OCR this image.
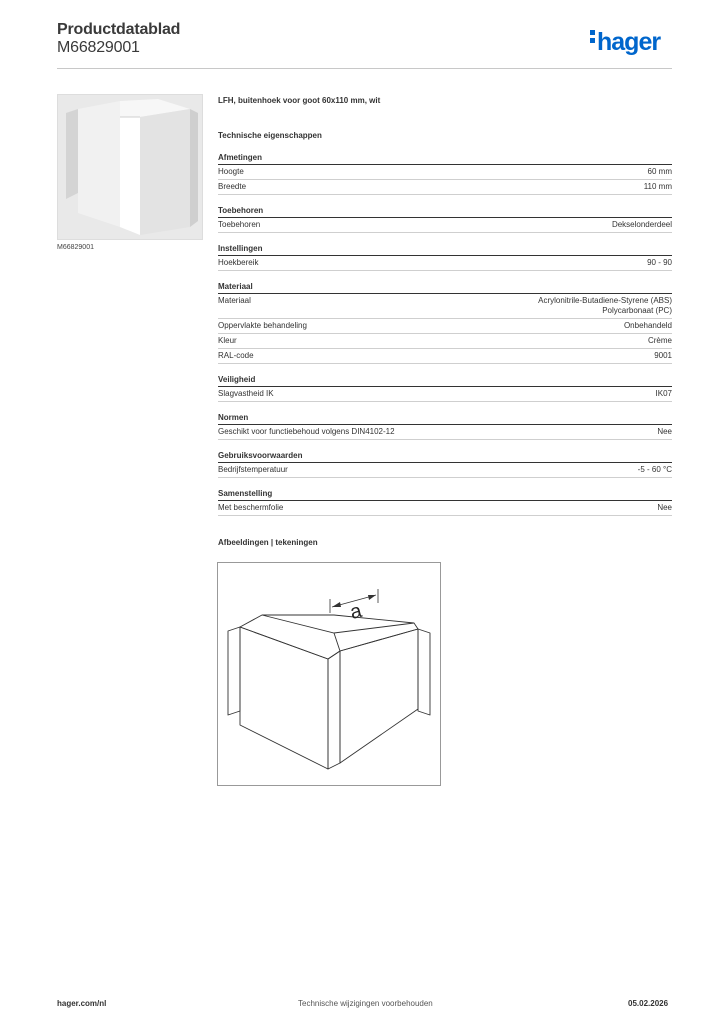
Productdatablad
M66829001	hager
M66829001
LFH, buitenhoek voor goot 60x110 mm, wit
Technische eigenschappen
Afmetingen
Hoogte	60 mm
Breedte	110 mm
Toebehoren
Toebehoren	Dekselonderdeel
Instellingen
Hoekbereik	90 - 90
Materiaal
Materiaal	Acrylonitrile-Butadiene-Styrene (ABS)
Polycarbonaat (PC)
Oppervlakte behandeling	Onbehandeld
Kleur	Crème
RAL-code	9001
Veiligheid
Slagvastheid IK	IK07
Normen
Geschikt voor functiebehoud volgens DIN4102-12	Nee
Gebruiksvoorwaarden
Bedrijfstemperatuur	-5 - 60 °C
Samenstelling
Met beschermfolie	Nee
Afbeeldingen | tekeningen
a
hager.com/nl	Technische wijzigingen voorbehouden	05.02.2026
